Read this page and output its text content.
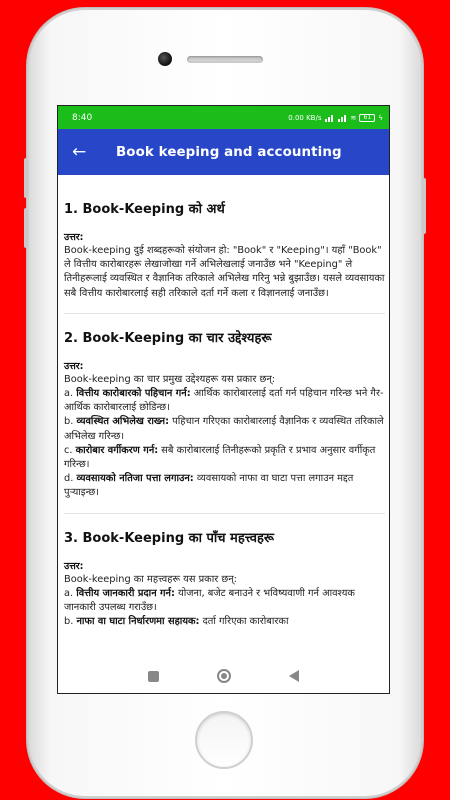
8:40	0.00 KB/s	≋	61	ϟ
←	Book keeping and accounting
1. Book-Keeping को अर्थ
उत्तर:
Book-keeping दुई शब्दहरूको संयोजन हो: "Book" र "Keeping"। यहाँ "Book" ले वित्तीय कारोबारहरू लेखाजोखा गर्ने अभिलेखलाई जनाउँछ भने "Keeping" ले तिनीहरूलाई व्यवस्थित र वैज्ञानिक तरिकाले अभिलेख गरिनु भन्ने बुझाउँछ। यसले व्यवसायका सबै वित्तीय कारोबारलाई सही तरिकाले दर्ता गर्ने कला र विज्ञानलाई जनाउँछ।
2. Book-Keeping का चार उद्देश्यहरू
उत्तर:
Book-keeping का चार प्रमुख उद्देश्यहरू यस प्रकार छन्:
a. वित्तीय कारोबारको पहिचान गर्न: आर्थिक कारोबारलाई दर्ता गर्न पहिचान गरिन्छ भने गैर-आर्थिक कारोबारलाई छोडिन्छ।
b. व्यवस्थित अभिलेख राख्न: पहिचान गरिएका कारोबारलाई वैज्ञानिक र व्यवस्थित तरिकाले अभिलेख गरिन्छ।
c. कारोबार वर्गीकरण गर्न: सबै कारोबारलाई तिनीहरूको प्रकृति र प्रभाव अनुसार वर्गीकृत गरिन्छ।
d. व्यवसायको नतिजा पत्ता लगाउन: व्यवसायको नाफा वा घाटा पत्ता लगाउन मद्दत पुर्‍याइन्छ।
3. Book-Keeping का पाँच महत्त्वहरू
उत्तर:
Book-keeping का महत्त्वहरू यस प्रकार छन्:
a. वित्तीय जानकारी प्रदान गर्न: योजना, बजेट बनाउने र भविष्यवाणी गर्न आवश्यक जानकारी उपलब्ध गराउँछ।
b. नाफा वा घाटा निर्धारणमा सहायक: दर्ता गरिएका कारोबारका
